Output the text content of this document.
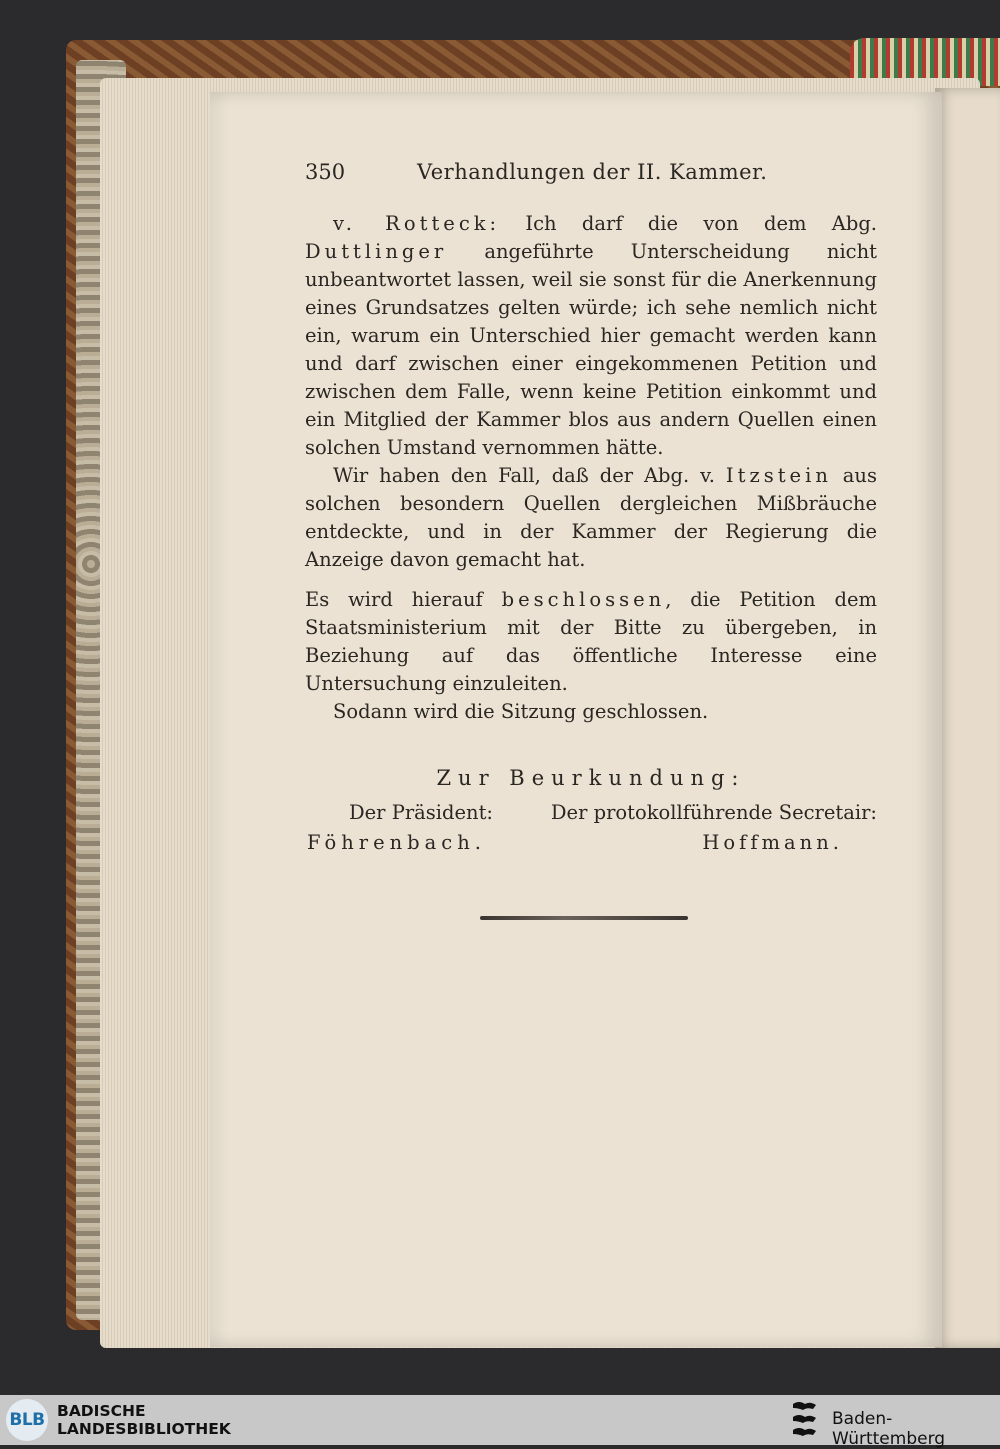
350	Verhandlungen der II. Kammer.

v. Rotteck: Ich darf die von dem Abg. Duttlinger angeführte Unterscheidung nicht unbeantwortet lassen, weil sie sonst für die Anerkennung eines Grundsatzes gelten würde; ich sehe nemlich nicht ein, warum ein Unterschied hier gemacht werden kann und darf zwischen einer eingekommenen Petition und zwischen dem Falle, wenn keine Petition einkommt und ein Mitglied der Kammer blos aus andern Quellen einen solchen Umstand vernommen hätte.

Wir haben den Fall, daß der Abg. v. Itzstein aus solchen besondern Quellen dergleichen Mißbräuche entdeckte, und in der Kammer der Regierung die Anzeige davon gemacht hat.

Es wird hierauf beschlossen, die Petition dem Staatsministerium mit der Bitte zu übergeben, in Beziehung auf das öffentliche Interesse eine Untersuchung einzuleiten.

Sodann wird die Sitzung geschlossen.

Zur Beurkundung:
Der Präsident:	Der protokollführende Secretair:
Föhrenbach.	Hoffmann.
BLB BADISCHE
LANDESBIBLIOTHEK	Baden-Württemberg
